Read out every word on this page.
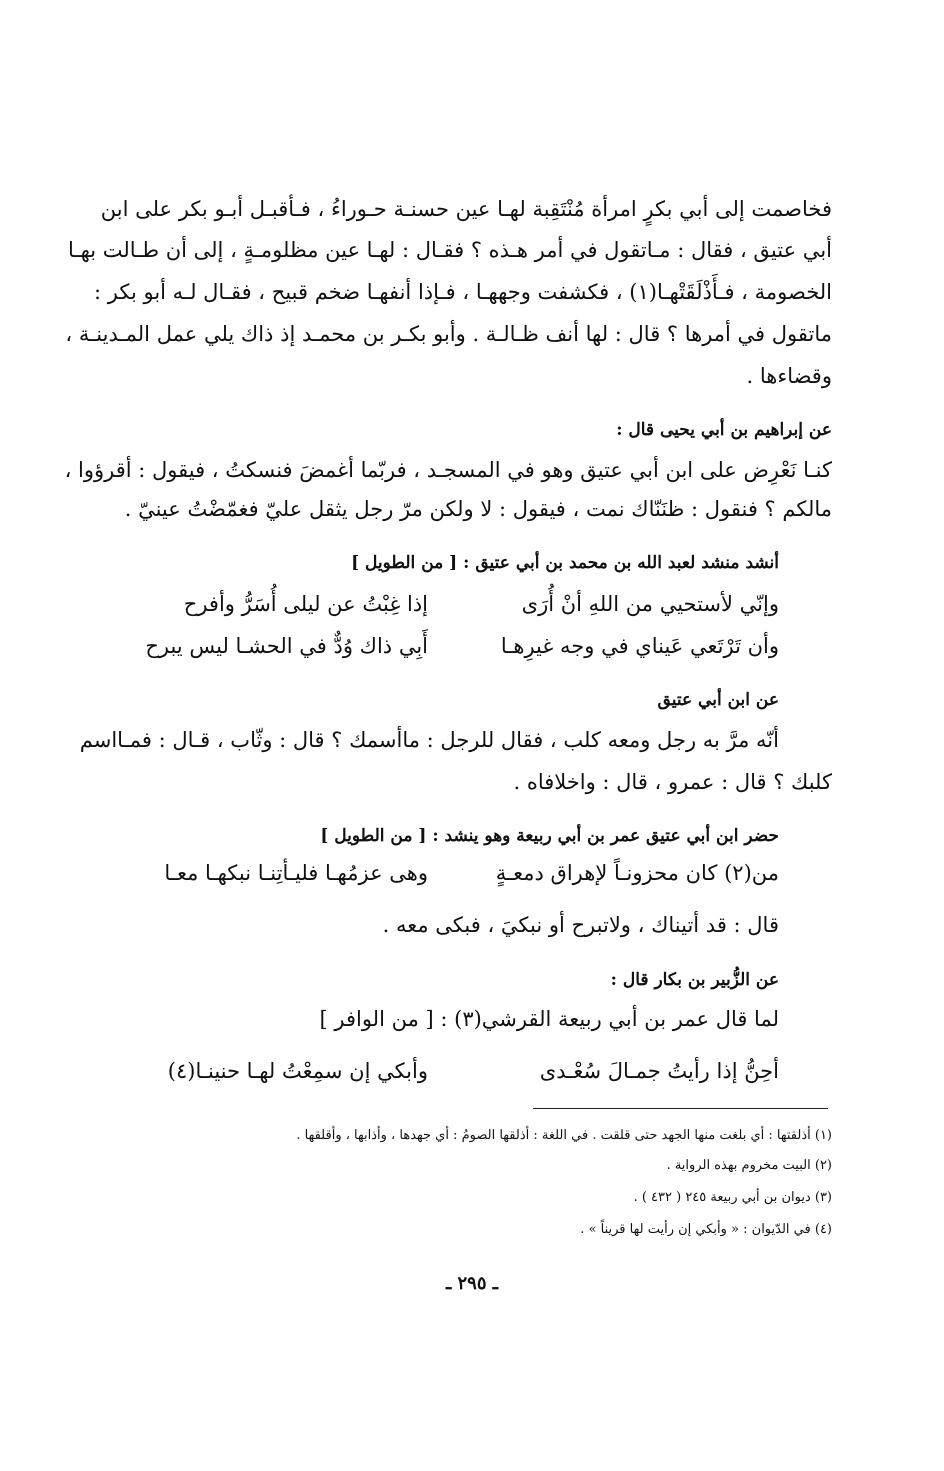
فخاصمت إلى أبي بكرٍ امرأة مُنْتَقِبة لهـا عين حسنـة حـوراءُ ، فـأقبـل أبـو بكر على ابن
أبي عتيق ، فقال : مـاتقول في أمر هـذه ؟ فقـال : لهـا عين مظلومـةٍ ، إلى أن طـالت بهـا
الخصومة ، فـأَذْلَقَتْهـا(١) ، فكشفت وجههـا ، فـإذا أنفهـا ضخم قبيح ، فقـال لـه أبو بكر :
ماتقول في أمرها ؟ قال : لها أنف ظـالـة . وأبو بكـر بن محمـد إذ ذاك يلي عمل المـدينـة ،
وقضاءها .
عن إبراهيم بن أبي يحيى قال :
كنـا نَعْرِض على ابن أبي عتيق وهو في المسجـد ، فربّما أغمضَ فنسكتُ ، فيقول : أقرؤوا ،
مالكم ؟ فنقول : ظنَنّاك نمت ، فيقول : لا ولكن مرّ رجل يثقل عليّ فغمّضْتُ عينيّ .
أنشد منشد لعبد الله بن محمد بن أبي عتيق : [ من الطويل ]
وإنّي لأستحيي من اللهِ أنْ أُرَى
إذا غِبْتُ عن ليلى أُسَرُّ وأفرح
وأن تَرْتَعي عَيناي في وجه غيرِهـا
أَبِي ذاك وُدٌّ في الحشـا ليس يبرح
عن ابن أبي عتيق
أنّه مرَّ به رجل ومعه كلب ، فقال للرجل : ماأسمك ؟ قال : وثّاب ، قـال : فمـااسم
كلبك ؟ قال : عمرو ، قال : واخلافاه .
حضر ابن أبي عتيق عمر بن أبي ربيعة وهو ينشد : [ من الطويل ]
من(٢) كان محزونـاً لإهراق دمعـةٍ
وهى عزمُهـا فليـأتِنـا نبكهـا معـا
قال : قد أتيناك ، ولاتبرح أو نبكيَ ، فبكى معه .
عن الزُّبير بن بكار قال :
لما قال عمر بن أبي ربيعة القرشي(٣) : [ من الوافر ]
أحِنُّ إذا رأيتُ جمـالَ سُعْـدى
وأبكي إن سمِعْتُ لهـا حنينـا(٤)
(١) أذلقتها : أي بلغت منها الجهد حتى قلقت . في اللغة : أذلقها الصومُ : أي جهدها ، وأذابها ، وأقلقها .
(٢) البيت مخروم بهذه الرواية .
(٣) ديوان بن أبي ربيعة ٢٤٥ ( ٤٣٢ ) .
(٤) في الدّيوان : « وأبكي إن رأيت لها قريناً » .
ـ ٢٩٥ ـ
